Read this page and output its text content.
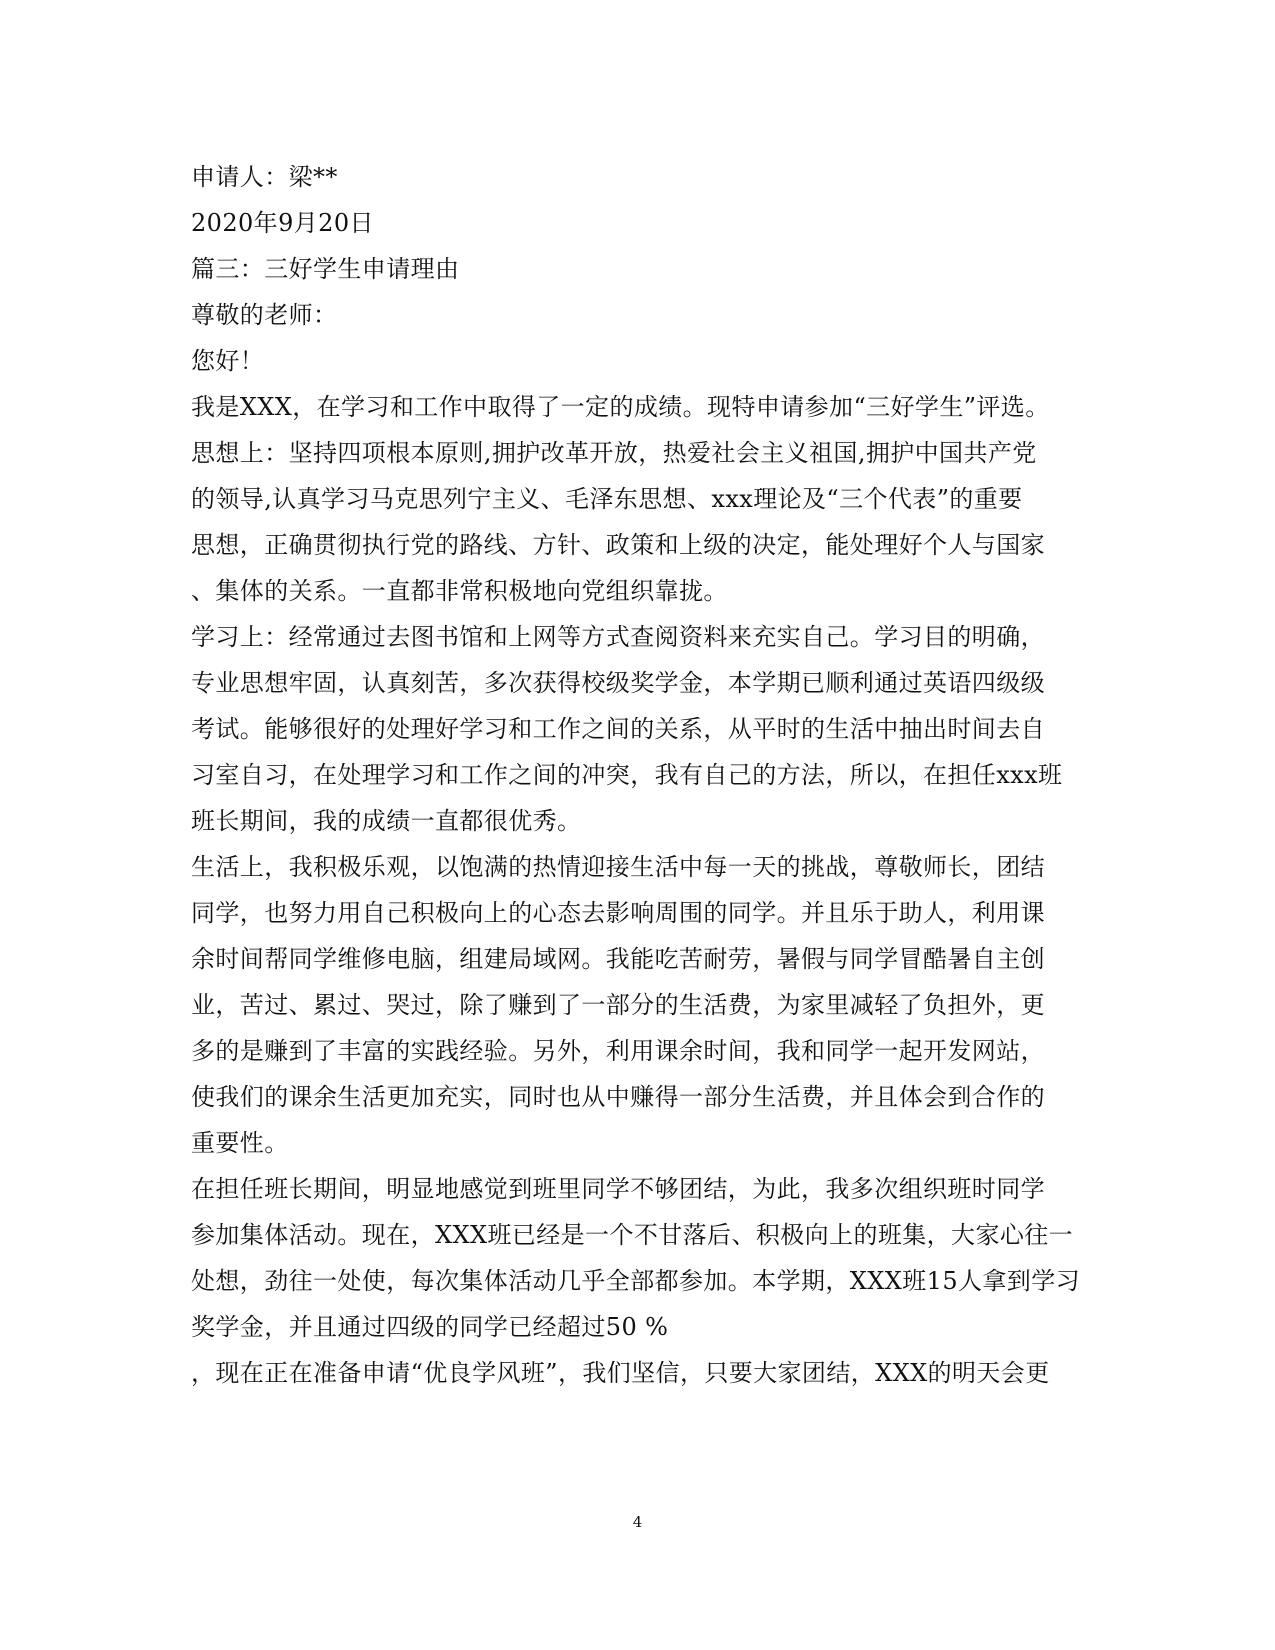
申请人：梁**
2020年9月20日
篇三：三好学生申请理由
尊敬的老师：
您好！
我是XXX，在学习和工作中取得了一定的成绩。现特申请参加“三好学生”评选。
思想上：坚持四项根本原则,拥护改革开放，热爱社会主义祖国,拥护中国共产党
的领导,认真学习马克思列宁主义、毛泽东思想、xxx理论及“三个代表”的重要
思想，正确贯彻执行党的路线、方针、政策和上级的决定，能处理好个人与国家
、集体的关系。一直都非常积极地向党组织靠拢。
学习上：经常通过去图书馆和上网等方式查阅资料来充实自己。学习目的明确，
专业思想牢固，认真刻苦，多次获得校级奖学金，本学期已顺利通过英语四级级
考试。能够很好的处理好学习和工作之间的关系，从平时的生活中抽出时间去自
习室自习，在处理学习和工作之间的冲突，我有自己的方法，所以，在担任xxx班
班长期间，我的成绩一直都很优秀。
生活上，我积极乐观，以饱满的热情迎接生活中每一天的挑战，尊敬师长，团结
同学，也努力用自己积极向上的心态去影响周围的同学。并且乐于助人，利用课
余时间帮同学维修电脑，组建局域网。我能吃苦耐劳，暑假与同学冒酷暑自主创
业，苦过、累过、哭过，除了赚到了一部分的生活费，为家里减轻了负担外，更
多的是赚到了丰富的实践经验。另外，利用课余时间，我和同学一起开发网站，
使我们的课余生活更加充实，同时也从中赚得一部分生活费，并且体会到合作的
重要性。
在担任班长期间，明显地感觉到班里同学不够团结，为此，我多次组织班时同学
参加集体活动。现在，XXX班已经是一个不甘落后、积极向上的班集，大家心往一
处想，劲往一处使，每次集体活动几乎全部都参加。本学期，XXX班15人拿到学习
奖学金，并且通过四级的同学已经超过50 %
，现在正在准备申请“优良学风班”，我们坚信，只要大家团结，XXX的明天会更
4
